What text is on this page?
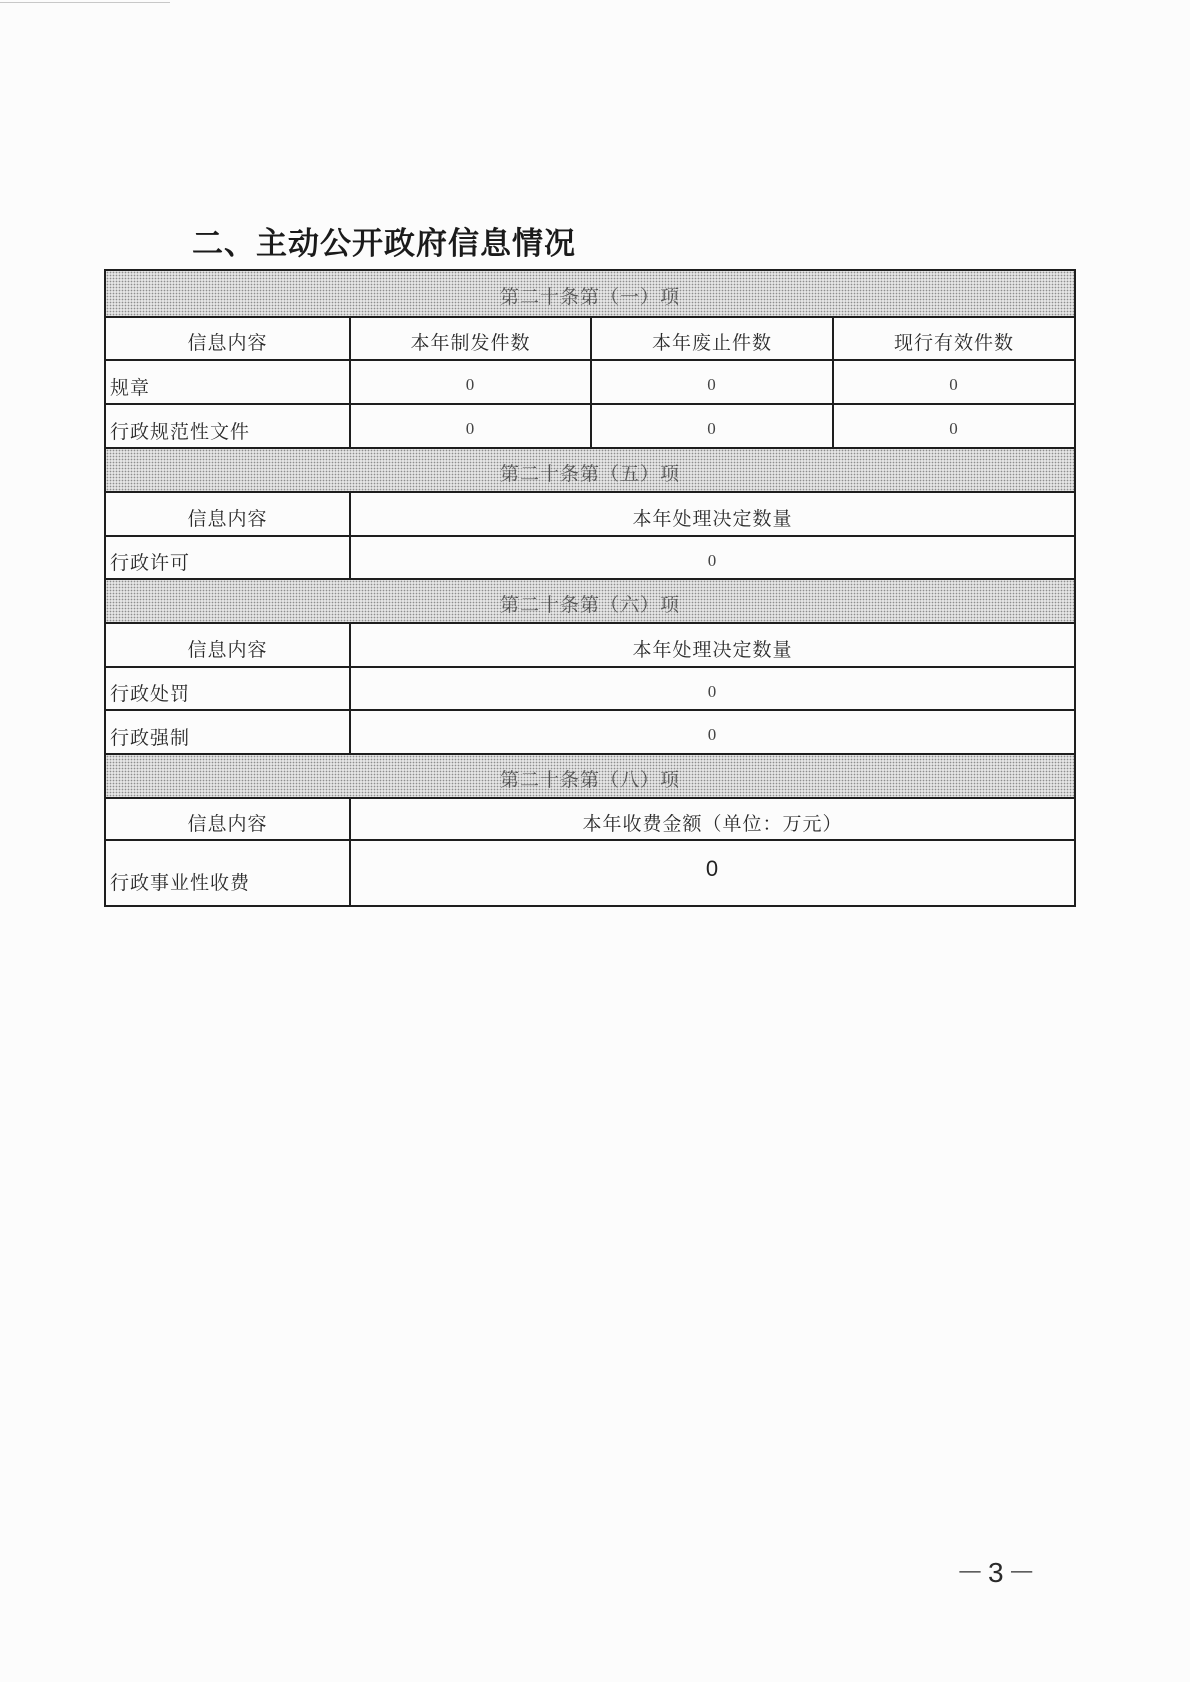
二、主动公开政府信息情况
第二十条第（一）项			
信息内容	本年制发件数	本年废止件数	现行有效件数
规章	0	0	0
行政规范性文件	0	0	0
第二十条第（五）项			
信息内容	本年处理决定数量		
行政许可	0		
第二十条第（六）项			
信息内容	本年处理决定数量		
行政处罚	0		
行政强制	0		
第二十条第（八）项			
信息内容	本年收费金额（单位：万元）		
行政事业性收费	0		
－3－
